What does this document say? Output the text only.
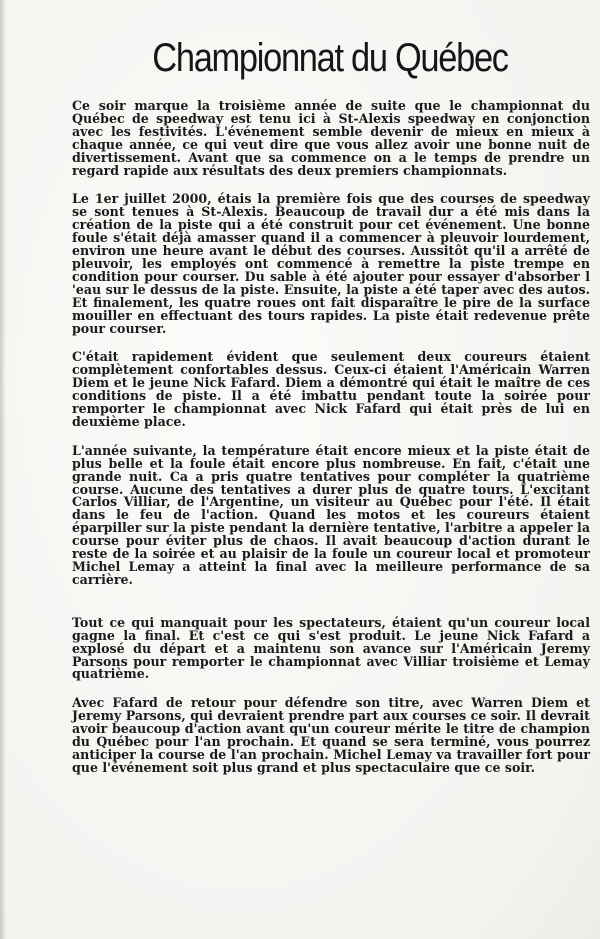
Championnat du Québec

Ce soir marque la troisième année de suite que le championnat du Québec de speedway est tenu ici à St-Alexis speedway en conjonction avec les festivités. L'événement semble devenir de mieux en mieux à chaque année, ce qui veut dire que vous allez avoir une bonne nuit de divertissement. Avant que sa commence on a le temps de prendre un regard rapide aux résultats des deux premiers championnats.

Le 1er juillet 2000, étais la première fois que des courses de speedway se sont tenues à St-Alexis. Beaucoup de travail dur a été mis dans la création de la piste qui a été construit pour cet événement. Une bonne foule s'était déjà amasser quand il a commencer à pleuvoir lourdement, environ une heure avant le début des courses. Aussitôt qu'il a arrêté de pleuvoir, les employés ont commencé à remettre la piste trempe en condition pour courser. Du sable à été ajouter pour essayer d'absorber l 'eau sur le dessus de la piste. Ensuite, la piste a été taper avec des autos. Et finalement, les quatre roues ont fait disparaître le pire de la surface mouiller en effectuant des tours rapides. La piste était redevenue prête pour courser.

C'était rapidement évident que seulement deux coureurs étaient complètement confortables dessus. Ceux-ci étaient l'Américain Warren Diem et le jeune Nick Fafard. Diem a démontré qui était le maître de ces conditions de piste. Il a été imbattu pendant toute la soirée pour remporter le championnat avec Nick Fafard qui était près de lui en deuxième place.

L'année suivante, la température était encore mieux et la piste était de plus belle et la foule était encore plus nombreuse. En fait, c'était une grande nuit. Ca a pris quatre tentatives pour compléter la quatrième course. Aucune des tentatives a durer plus de quatre tours. L'excitant Carlos Villiar, de l'Argentine, un visiteur au Québec pour l'été. Il était dans le feu de l'action. Quand les motos et les coureurs étaient éparpiller sur la piste pendant la dernière tentative, l'arbitre a appeler la course pour éviter plus de chaos. Il avait beaucoup d'action durant le reste de la soirée et au plaisir de la foule un coureur local et promoteur Michel Lemay a atteint la final avec la meilleure performance de sa carrière.

Tout ce qui manquait pour les spectateurs, étaient qu'un coureur local gagne la final. Et c'est ce qui s'est produit. Le jeune Nick Fafard a explosé du départ et a maintenu son avance sur l'Américain Jeremy Parsons pour remporter le championnat avec Villiar troisième et Lemay quatrième.

Avec Fafard de retour pour défendre son titre, avec Warren Diem et Jeremy Parsons, qui devraient prendre part aux courses ce soir. Il devrait avoir beaucoup d'action avant qu'un coureur mérite le titre de champion du Québec pour l'an prochain. Et quand se sera terminé, vous pourrez anticiper la course de l'an prochain. Michel Lemay va travailler fort pour que l'événement soit plus grand et plus spectaculaire que ce soir.
